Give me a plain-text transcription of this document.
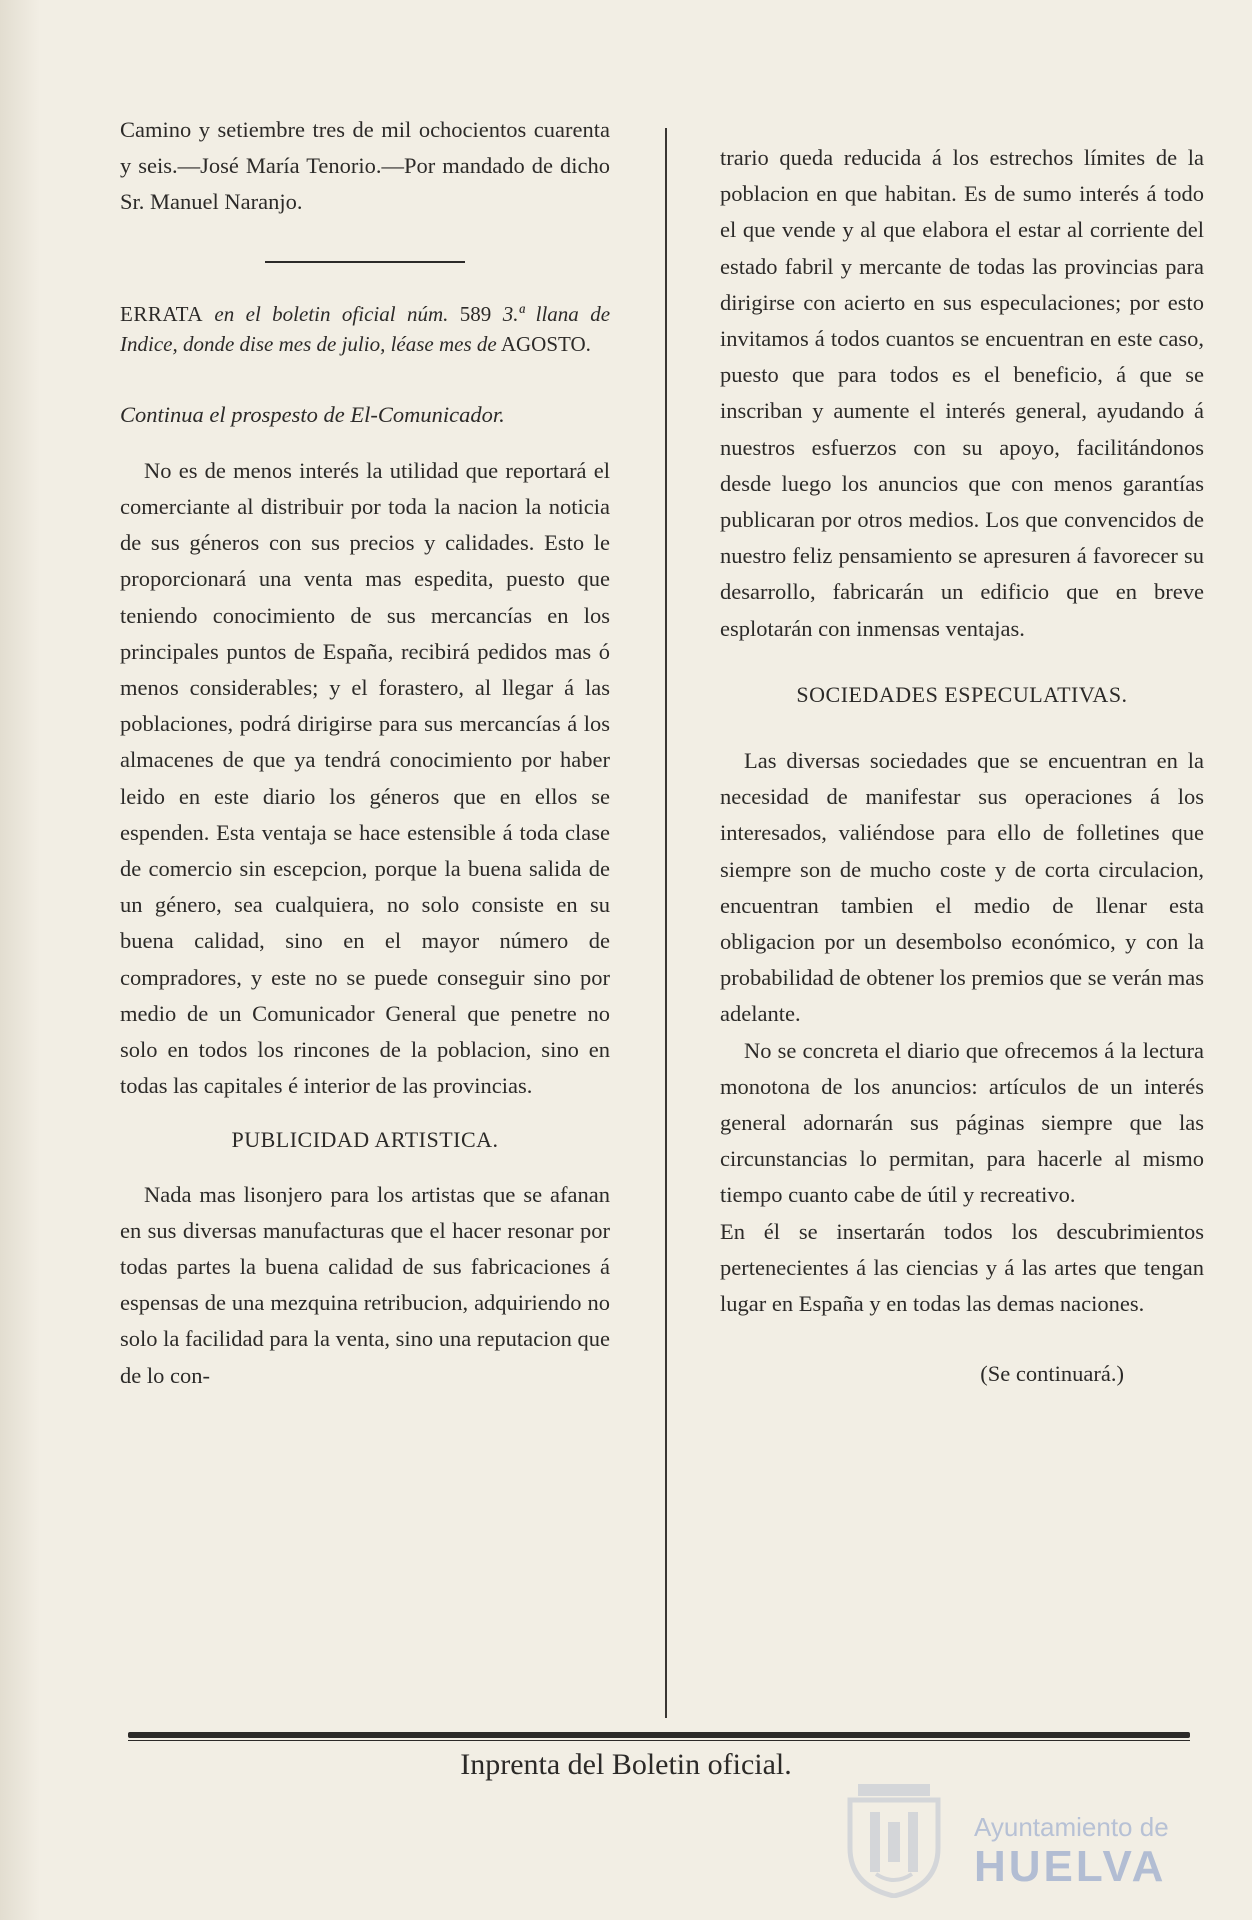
Camino y setiembre tres de mil ochocientos cuarenta y seis.—José María Tenorio.—Por mandado de dicho Sr. Manuel Naranjo.

ERRATA en el boletin oficial núm. 589 3.ª llana de Indice, donde dise mes de julio, léase mes de AGOSTO.

Continua el prospesto de El-Comunicador.

No es de menos interés la utilidad que reportará el comerciante al distribuir por toda la nacion la noticia de sus géneros con sus precios y calidades. Esto le proporcionará una venta mas espedita, puesto que teniendo conocimiento de sus mercancías en los principales puntos de España, recibirá pedidos mas ó menos considerables; y el forastero, al llegar á las poblaciones, podrá dirigirse para sus mercancías á los almacenes de que ya tendrá conocimiento por haber leido en este diario los géneros que en ellos se espenden. Esta ventaja se hace estensible á toda clase de comercio sin escepcion, porque la buena salida de un género, sea cualquiera, no solo consiste en su buena calidad, sino en el mayor número de compradores, y este no se puede conseguir sino por medio de un Comunicador General que penetre no solo en todos los rincones de la poblacion, sino en todas las capitales é interior de las provincias.

PUBLICIDAD ARTISTICA.

Nada mas lisonjero para los artistas que se afanan en sus diversas manufacturas que el hacer resonar por todas partes la buena calidad de sus fabricaciones á espensas de una mezquina retribucion, adquiriendo no solo la facilidad para la venta, sino una reputacion que de lo con-

trario queda reducida á los estrechos límites de la poblacion en que habitan. Es de sumo interés á todo el que vende y al que elabora el estar al corriente del estado fabril y mercante de todas las provincias para dirigirse con acierto en sus especulaciones; por esto invitamos á todos cuantos se encuentran en este caso, puesto que para todos es el beneficio, á que se inscriban y aumente el interés general, ayudando á nuestros esfuerzos con su apoyo, facilitándonos desde luego los anuncios que con menos garantías publicaran por otros medios. Los que convencidos de nuestro feliz pensamiento se apresuren á favorecer su desarrollo, fabricarán un edificio que en breve esplotarán con inmensas ventajas.

SOCIEDADES ESPECULATIVAS.

Las diversas sociedades que se encuentran en la necesidad de manifestar sus operaciones á los interesados, valiéndose para ello de folletines que siempre son de mucho coste y de corta circulacion, encuentran tambien el medio de llenar esta obligacion por un desembolso económico, y con la probabilidad de obtener los premios que se verán mas adelante.

No se concreta el diario que ofrecemos á la lectura monotona de los anuncios: artículos de un interés general adornarán sus páginas siempre que las circunstancias lo permitan, para hacerle al mismo tiempo cuanto cabe de útil y recreativo.

En él se insertarán todos los descubrimientos pertenecientes á las ciencias y á las artes que tengan lugar en España y en todas las demas naciones.

(Se continuará.)

Inprenta del Boletin oficial.
Ayuntamiento de
HUELVA
